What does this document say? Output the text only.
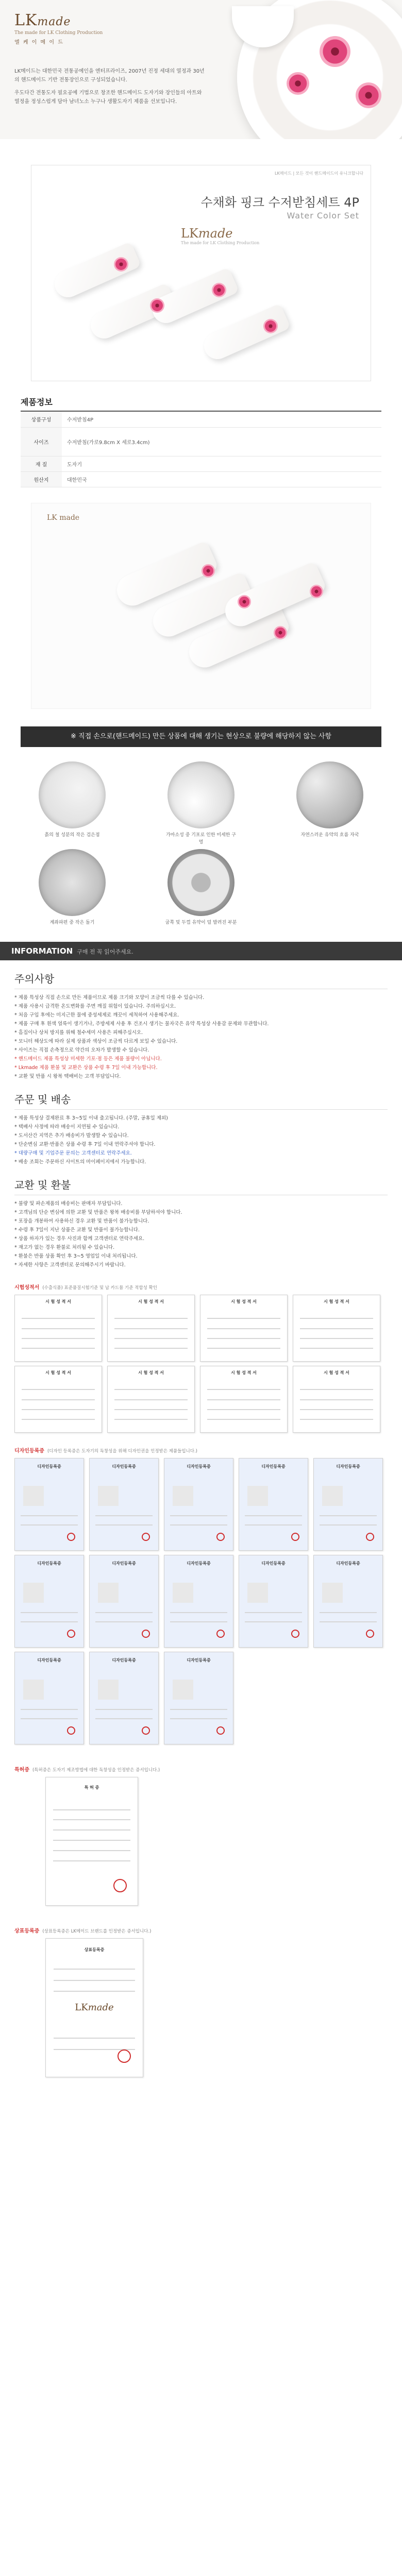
LKmade
The made for LK Clothing Production
엘 케 이 메 이 드

LK메이드는 대한민국 전통공예인을 엔터프라이즈, 2007년 진정 세대의 열정과 30년의 핸드메이드 기반 전통장인으로 구성되었습니다.

우도다간 전통도자 필요공예 기법으로 창조한 핸드메이드 도자기와 장인들의 아트와 열정을 정성스럽게 담아 남녀노소 누구나 생활도자기 제품을 선보입니다.

LK메이드 | 모든 것이 핸드메이드이 유니크합니다
수채화 핑크 수저받침세트 4P
Water Color Set
LKmade
The made for LK Clothing Production
제품정보
상품구성	수저받침4P
사이즈	수저받침(가로9.8cm X 세로3.4cm)
재 질	도자기
원산지	대한민국
LK made
※ 직접 손으로(핸드메이드) 만든 상품에 대해 생기는 현상으로 불량에 해당하지 않는 사항
흙의 철 성분의 작은 검은점	가마소성 중 기포로 인한 미세한 구멍
자연스러운 유약의 흐름 자국
계좌파편 중 작은 돌기	굽쪽 및 두껍 유약이 덜 발려진 부분
INFORMATION 구매 전 꼭 읽어주세요.
주의사항
* 제품 특성상 직접 손으로 만든 제품이므로 제품 크기와 모양이 조금씩 다를 수 있습니다.
* 제품 사용시 급격한 온도변화를 주면 깨질 위험이 있습니다. 주의하십시오.
* 처음 구입 후에는 미지근한 물에 중성세제로 깨끗이 세척하여 사용해주세요.
* 제품 구매 후 흰색 얼룩이 생기거나, 주방세제 사용 후 건조시 생기는 물자국은 유약 특성상 사용감 문제와 무관합니다.
* 흠집이나 상처 방지를 위해 철수세미 사용은 피해주십시오.
* 모니터 해상도에 따라 실제 상품과 색상이 조금씩 다르게 보일 수 있습니다.
* 사이즈는 직접 손측정으로 약간의 오차가 발생할 수 있습니다.
* 핸드메이드 제품 특성상 미세한 기포·점 등은 제품 불량이 아닙니다.
* Lkmade 제품 환불 및 교환은 상품 수령 후 7일 이내 가능합니다.
* 교환 및 반품 시 왕복 택배비는 고객 부담입니다.
주문 및 배송
* 제품 특성상 결제완료 후 3~5일 이내 출고됩니다. (주말, 공휴일 제외)
* 택배사 사정에 따라 배송이 지연될 수 있습니다.
* 도서산간 지역은 추가 배송비가 발생할 수 있습니다.
* 단순변심 교환·반품은 상품 수령 후 7일 이내 연락주셔야 합니다.
* 대량구매 및 기업주문 문의는 고객센터로 연락주세요.
* 배송 조회는 주문하신 사이트의 마이페이지에서 가능합니다.
교환 및 환불
* 불량 및 파손제품의 배송비는 판매자 부담입니다.
* 고객님의 단순 변심에 의한 교환 및 반품은 왕복 배송비를 부담하셔야 합니다.
* 포장을 개봉하여 사용하신 경우 교환 및 반품이 불가능합니다.
* 수령 후 7일이 지난 상품은 교환 및 반품이 불가능합니다.
* 상품 하자가 있는 경우 사진과 함께 고객센터로 연락주세요.
* 재고가 없는 경우 환불로 처리될 수 있습니다.
* 환불은 반품 상품 확인 후 3~5 영업일 이내 처리됩니다.
* 자세한 사항은 고객센터로 문의해주시기 바랍니다.
시험성적서 (수출식품) 표준품질시험기준 및 납 카드뮴 기준 적합성 확인
시 험 성 적 서	시 험 성 적 서	시 험 성 적 서	시 험 성 적 서
시 험 성 적 서	시 험 성 적 서	시 험 성 적 서	시 험 성 적 서
디자인등록증 (디자인 등록증은 도자기의 독창성을 위해 디자인권을 인정받은 제품들입니다.)
디자인등록증	디자인등록증	디자인등록증	디자인등록증	디자인등록증
디자인등록증	디자인등록증	디자인등록증	디자인등록증	디자인등록증
디자인등록증	디자인등록증	디자인등록증
특허증 (특허증은 도자기 제조방법에 대한 독창성을 인정받은 증서입니다.)
특 허 증
상표등록증 (상표등록증은 LK메이드 브랜드를 인정받은 증서입니다.)
상표등록증
LKmade
